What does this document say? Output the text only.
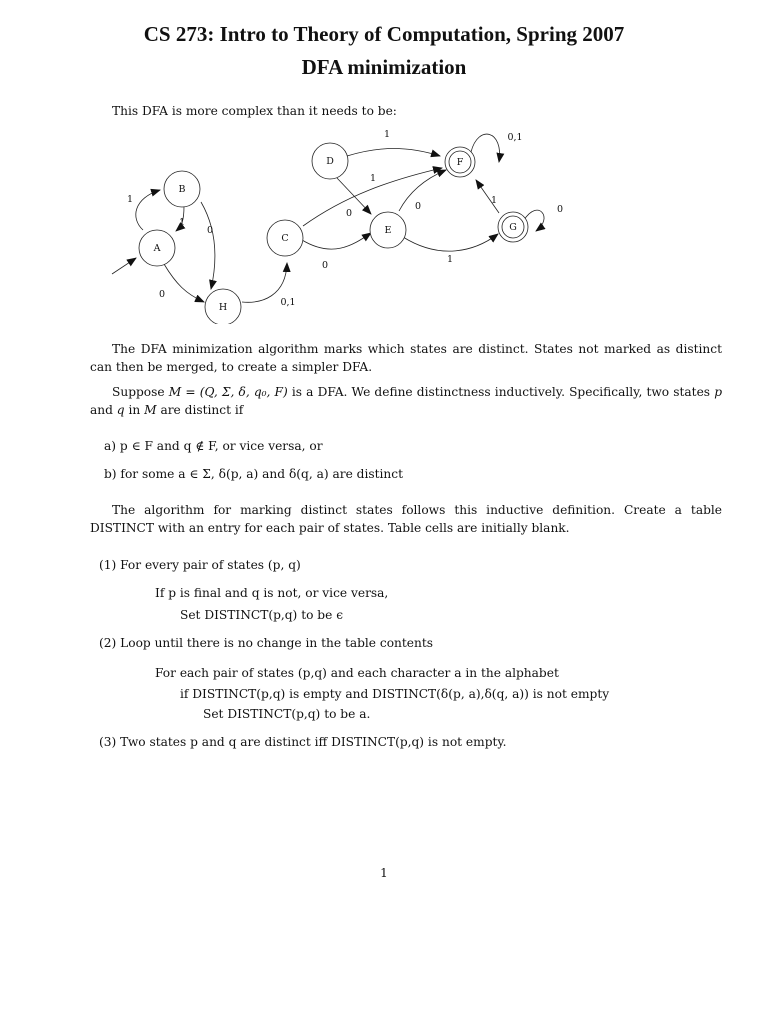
CS 273: Intro to Theory of Computation, Spring 2007
DFA minimization
This DFA is more complex than it needs to be:
A
B
H
C
D
E
F
G
1
1
0
0
0,1
1
0
1
0
0
1
1
0
0,1
The DFA minimization algorithm marks which states are distinct. States not marked as distinct can then be merged, to create a simpler DFA.
Suppose M = (Q, Σ, δ, q₀, F) is a DFA. We define distinctness inductively. Specifically, two states p and q in M are distinct if
a) p ∈ F and q ∉ F, or vice versa, or
b) for some a ∈ Σ, δ(p, a) and δ(q, a) are distinct
The algorithm for marking distinct states follows this inductive definition. Create a table DISTINCT with an entry for each pair of states. Table cells are initially blank.
(1) For every pair of states (p, q)
If p is final and q is not, or vice versa,
Set DISTINCT(p,q) to be ϵ
(2) Loop until there is no change in the table contents
For each pair of states (p,q) and each character a in the alphabet
if DISTINCT(p,q) is empty and DISTINCT(δ(p, a),δ(q, a)) is not empty
Set DISTINCT(p,q) to be a.
(3) Two states p and q are distinct iff DISTINCT(p,q) is not empty.
1
